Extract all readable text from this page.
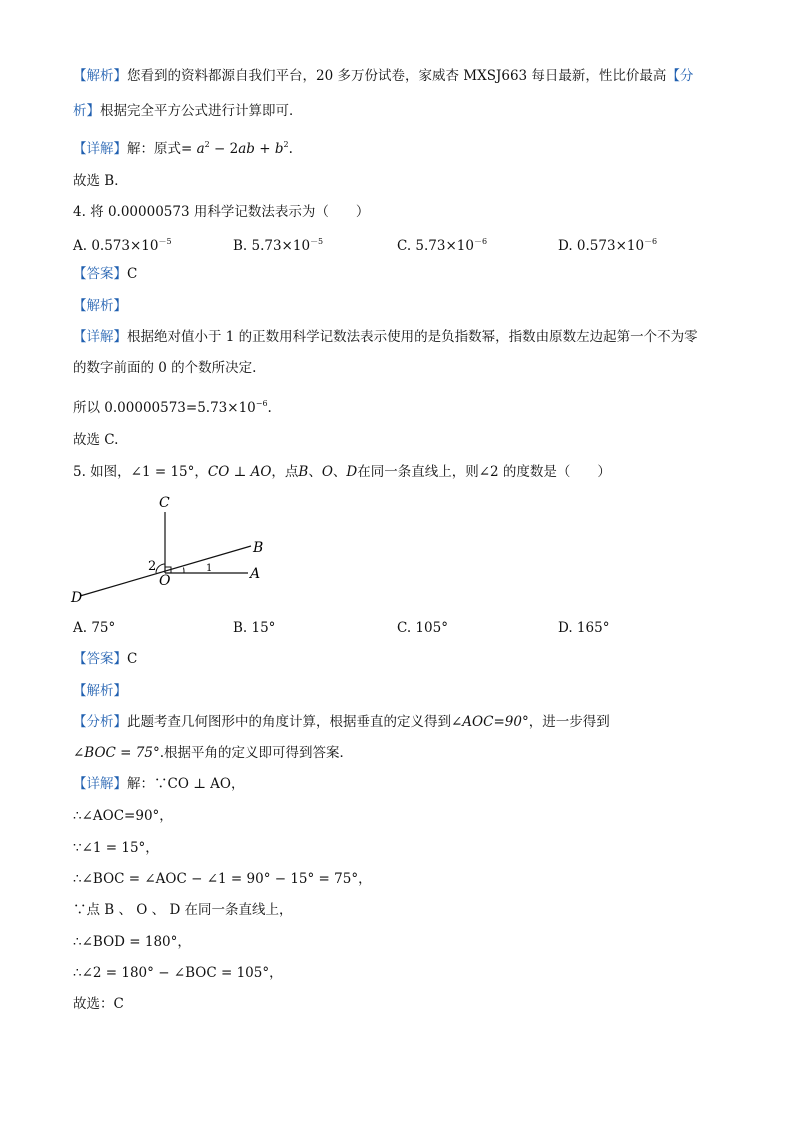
【解析】您看到的资料都源自我们平台，20 多万份试卷，家威杏 MXSJ663 每日最新，性比价最高【分
析】根据完全平方公式进行计算即可．
【详解】解：原式= $a^2 - 2ab + b^2$.
故选 B．
4. 将 0.00000573 用科学记数法表示为（　　）
A. $0.573\times 10^{-5}$	B. $5.73\times 10^{-5}$	C. $5.73\times 10^{-6}$	D. $0.573\times 10^{-6}$
【答案】C
【解析】
【详解】根据绝对值小于 1 的正数用科学记数法表示使用的是负指数幂，指数由原数左边起第一个不为零
的数字前面的 0 的个数所决定.
所以 $0.00000573=5.73\times 10^{-6}$.
故选 C.
5. 如图，∠1 = 15°，CO ⊥ AO，点B、O、D在同一条直线上，则∠2 的度数是（　　）
C
B
A
D
O
2	1
A. 75°	B. 15°	C. 105°	D. 165°
【答案】C
【解析】
【分析】此题考查几何图形中的角度计算，根据垂直的定义得到∠AOC=90°，进一步得到
∠BOC = 75°.根据平角的定义即可得到答案．
【详解】解：∵CO ⊥ AO，
∴∠AOC=90°，
∵∠1 = 15°，
∴∠BOC = ∠AOC − ∠1 = 90° − 15° = 75°，
∵点 B 、 O 、 D 在同一条直线上，
∴∠BOD = 180°，
∴∠2 = 180° − ∠BOC = 105°，
故选：C
